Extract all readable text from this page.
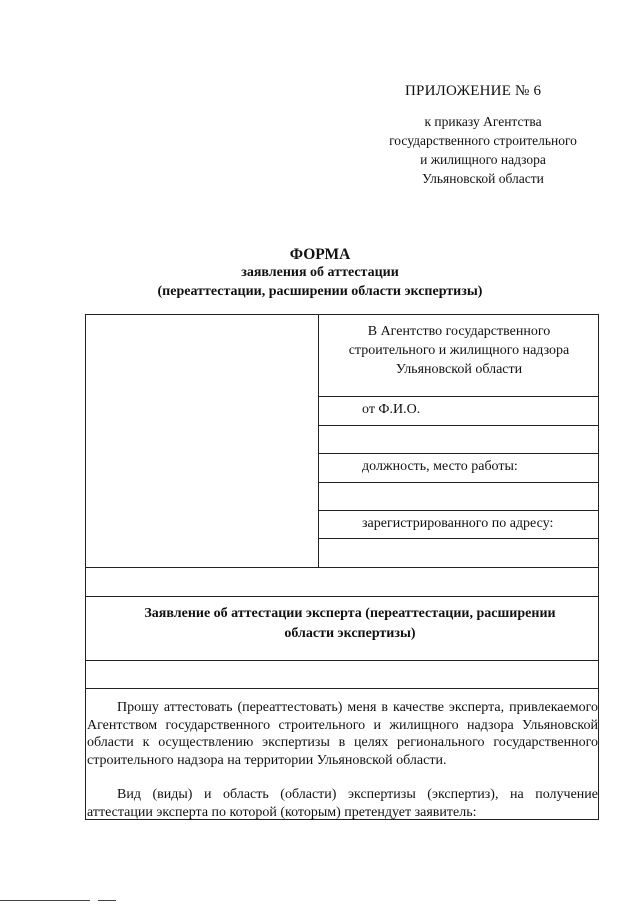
ПРИЛОЖЕНИЕ № 6
к приказу Агентства
государственного строительного
и жилищного надзора
Ульяновской области
ФОРМА
заявления об аттестации
(переаттестации, расширении области экспертизы)
В Агентство государственного
строительного и жилищного надзора
Ульяновской области
от Ф.И.О.
должность, место работы:
зарегистрированного по адресу:
Заявление об аттестации эксперта (переаттестации, расширении
области экспертизы)
Прошу аттестовать (переаттестовать) меня в качестве эксперта, привлекаемого Агентством государственного строительного и жилищного надзора Ульяновской области к осуществлению экспертизы в целях регионального государственного строительного надзора на территории Ульяновской области.
Вид (виды) и область (области) экспертизы (экспертиз), на получение аттестации эксперта по которой (которым) претендует заявитель:
